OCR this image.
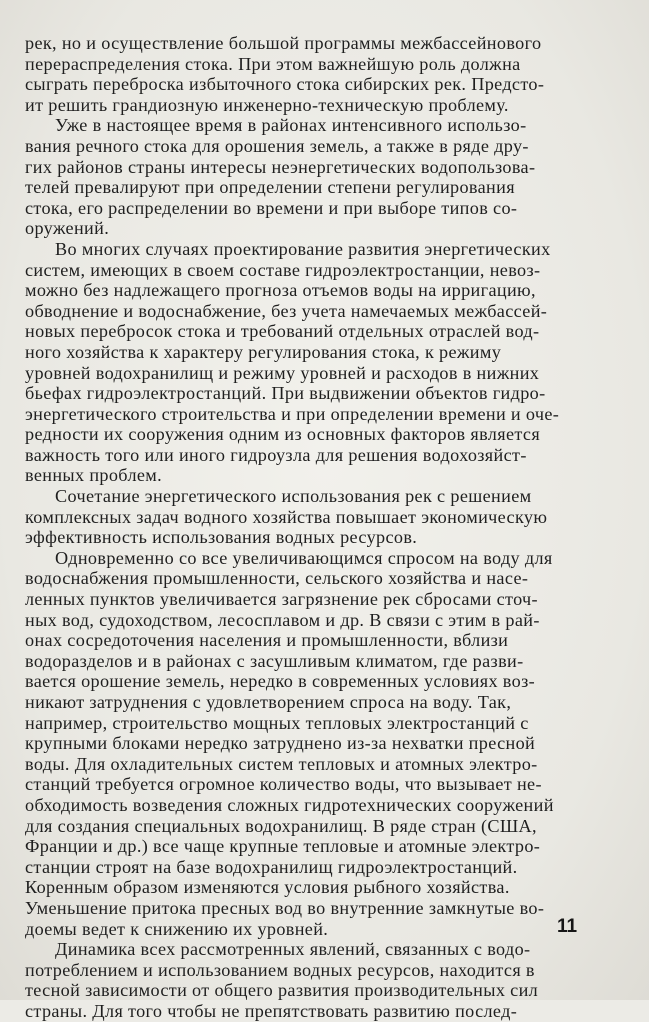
рек, но и осуществление большой программы межбассейнового
перераспределения стока. При этом важнейшую роль должна
сыграть переброска избыточного стока сибирских рек. Предсто-
ит решить грандиозную инженерно-техническую проблему.
Уже в настоящее время в районах интенсивного использо-
вания речного стока для орошения земель, а также в ряде дру-
гих районов страны интересы неэнергетических водопользова-
телей превалируют при определении степени регулирования
стока, его распределении во времени и при выборе типов со-
оружений.
Во многих случаях проектирование развития энергетических
систем, имеющих в своем составе гидроэлектростанции, невоз-
можно без надлежащего прогноза отъемов воды на ирригацию,
обводнение и водоснабжение, без учета намечаемых межбассей-
новых перебросок стока и требований отдельных отраслей вод-
ного хозяйства к характеру регулирования стока, к режиму
уровней водохранилищ и режиму уровней и расходов в нижних
бьефах гидроэлектростанций. При выдвижении объектов гидро-
энергетического строительства и при определении времени и оче-
редности их сооружения одним из основных факторов является
важность того или иного гидроузла для решения водохозяйст-
венных проблем.
Сочетание энергетического использования рек с решением
комплексных задач водного хозяйства повышает экономическую
эффективность использования водных ресурсов.
Одновременно со все увеличивающимся спросом на воду для
водоснабжения промышленности, сельского хозяйства и насе-
ленных пунктов увеличивается загрязнение рек сбросами сточ-
ных вод, судоходством, лесосплавом и др. В связи с этим в рай-
онах сосредоточения населения и промышленности, вблизи
водоразделов и в районах с засушливым климатом, где разви-
вается орошение земель, нередко в современных условиях воз-
никают затруднения с удовлетворением спроса на воду. Так,
например, строительство мощных тепловых электростанций с
крупными блоками нередко затруднено из-за нехватки пресной
воды. Для охладительных систем тепловых и атомных электро-
станций требуется огромное количество воды, что вызывает не-
обходимость возведения сложных гидротехнических сооружений
для создания специальных водохранилищ. В ряде стран (США,
Франции и др.) все чаще крупные тепловые и атомные электро-
станции строят на базе водохранилищ гидроэлектростанций.
Коренным образом изменяются условия рыбного хозяйства.
Уменьшение притока пресных вод во внутренние замкнутые во-
доемы ведет к снижению их уровней.
Динамика всех рассмотренных явлений, связанных с водо-
потреблением и использованием водных ресурсов, находится в
тесной зависимости от общего развития производительных сил
страны. Для того чтобы не препятствовать развитию послед-
11
